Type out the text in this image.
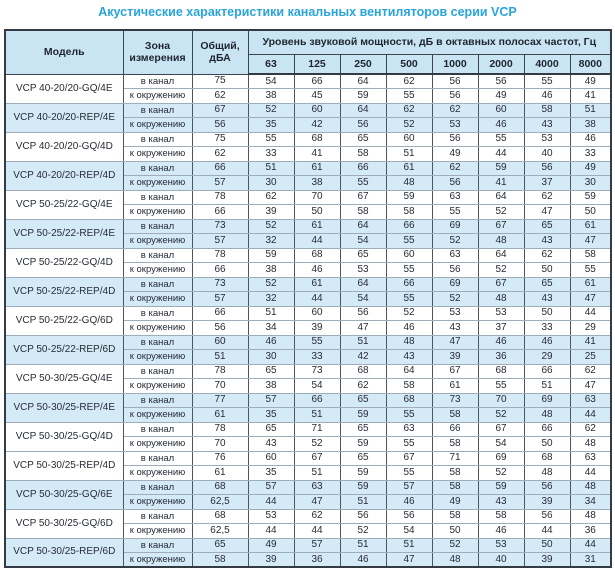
Акустические характеристики канальных вентиляторов серии VCP
Модель	Зона измерения	Общий, дБА	Уровень звуковой мощности, дБ в октавных полосах частот, Гц							
			63	125	250	500	1000	2000	4000	8000
VCP 40-20/20-GQ/4E	в канал	75	54	66	64	62	56	56	55	49
	к окружению	62	38	45	59	55	56	49	46	41
VCP 40-20/20-REP/4E	в канал	67	52	60	64	62	62	60	58	51
	к окружению	56	35	42	56	52	53	46	43	38
VCP 40-20/20-GQ/4D	в канал	75	55	68	65	60	56	55	53	46
	к окружению	62	33	41	58	51	49	44	40	33
VCP 40-20/20-REP/4D	в канал	66	51	61	66	61	62	59	56	49
	к окружению	57	30	38	55	48	56	41	37	30
VCP 50-25/22-GQ/4E	в канал	78	62	70	67	59	63	64	62	59
	к окружению	66	39	50	58	58	55	52	47	50
VCP 50-25/22-REP/4E	в канал	73	52	61	64	66	69	67	65	61
	к окружению	57	32	44	54	55	52	48	43	47
VCP 50-25/22-GQ/4D	в канал	78	59	68	65	60	63	64	62	58
	к окружению	66	38	46	53	55	56	52	50	55
VCP 50-25/22-REP/4D	в канал	73	52	61	64	66	69	67	65	61
	к окружению	57	32	44	54	55	52	48	43	47
VCP 50-25/22-GQ/6D	в канал	66	51	60	56	52	53	53	50	44
	к окружению	56	34	39	47	46	43	37	33	29
VCP 50-25/22-REP/6D	в канал	60	46	55	51	48	47	46	46	41
	к окружению	51	30	33	42	43	39	36	29	25
VCP 50-30/25-GQ/4E	в канал	78	65	73	68	64	67	68	66	62
	к окружению	70	38	54	62	58	61	55	51	47
VCP 50-30/25-REP/4E	в канал	77	57	66	65	68	73	70	69	63
	к окружению	61	35	51	59	55	58	52	48	44
VCP 50-30/25-GQ/4D	в канал	78	65	71	65	63	66	67	66	62
	к окружению	70	43	52	59	55	58	54	50	48
VCP 50-30/25-REP/4D	в канал	76	60	67	65	67	71	69	68	63
	к окружению	61	35	51	59	55	58	52	48	44
VCP 50-30/25-GQ/6E	в канал	68	57	63	59	57	58	59	56	48
	к окружению	62,5	44	47	51	46	49	43	39	34
VCP 50-30/25-GQ/6D	в канал	68	53	62	56	56	58	58	56	48
	к окружению	62,5	44	44	52	54	50	46	44	36
VCP 50-30/25-REP/6D	в канал	65	49	57	51	51	52	53	50	44
	к окружению	58	39	36	46	47	48	40	39	31
